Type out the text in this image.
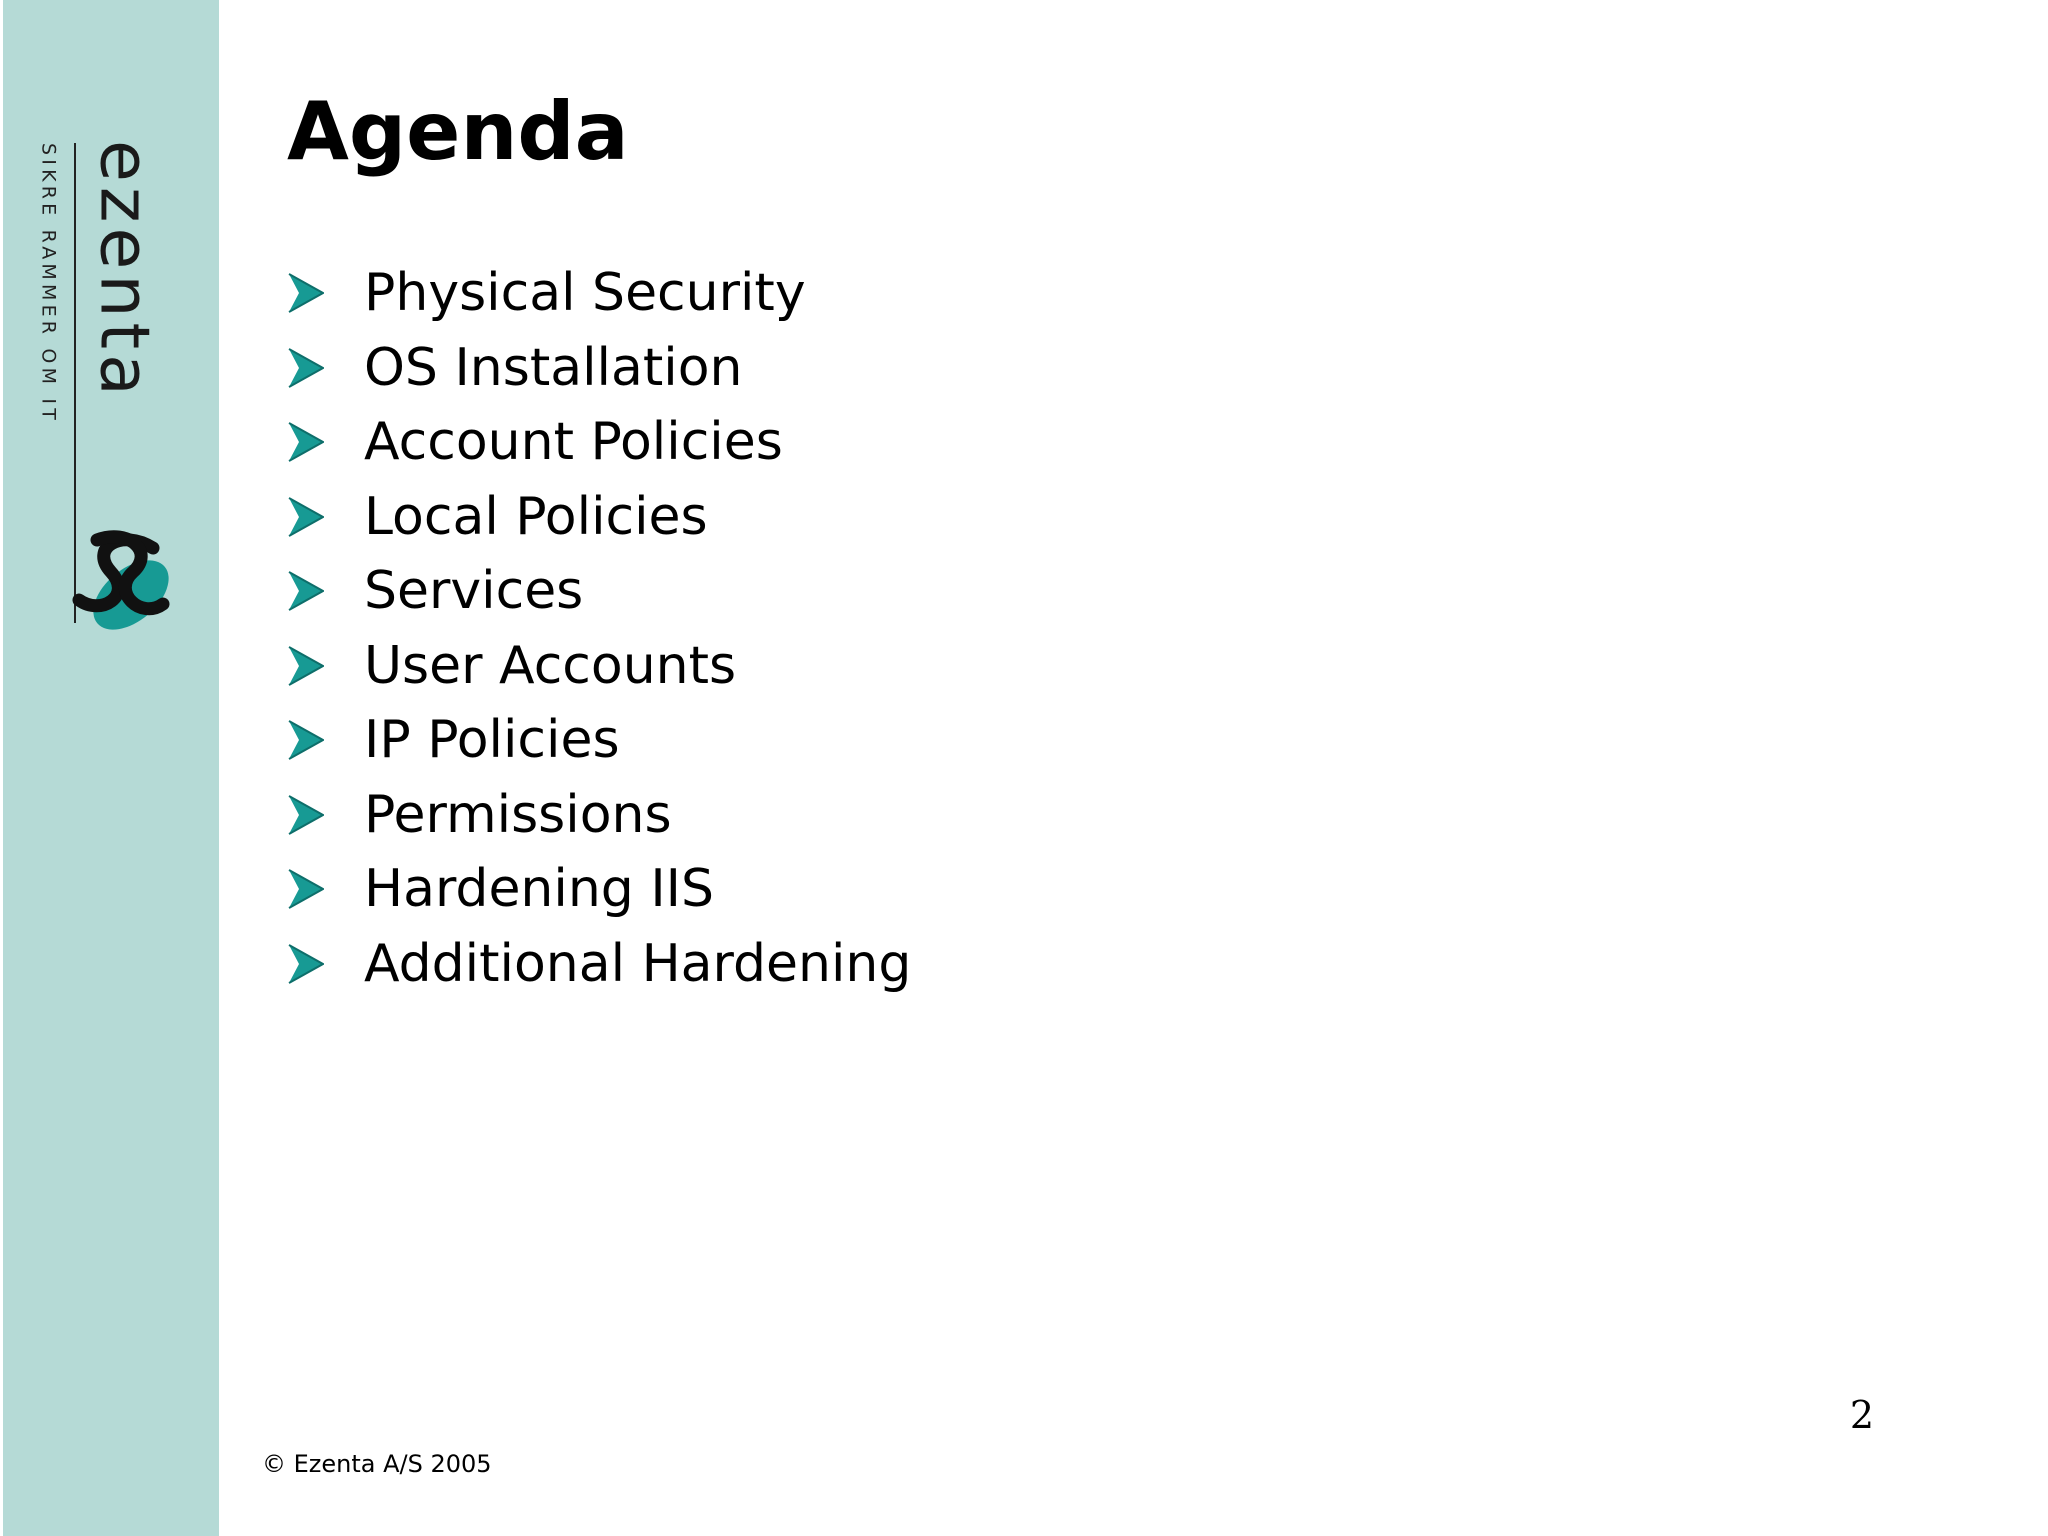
SIKRE RAMMER OM IT ezenta
Agenda
Physical Security
OS Installation
Account Policies
Local Policies
Services
User Accounts
IP Policies
Permissions
Hardening IIS
Additional Hardening
2
© Ezenta A/S 2005
